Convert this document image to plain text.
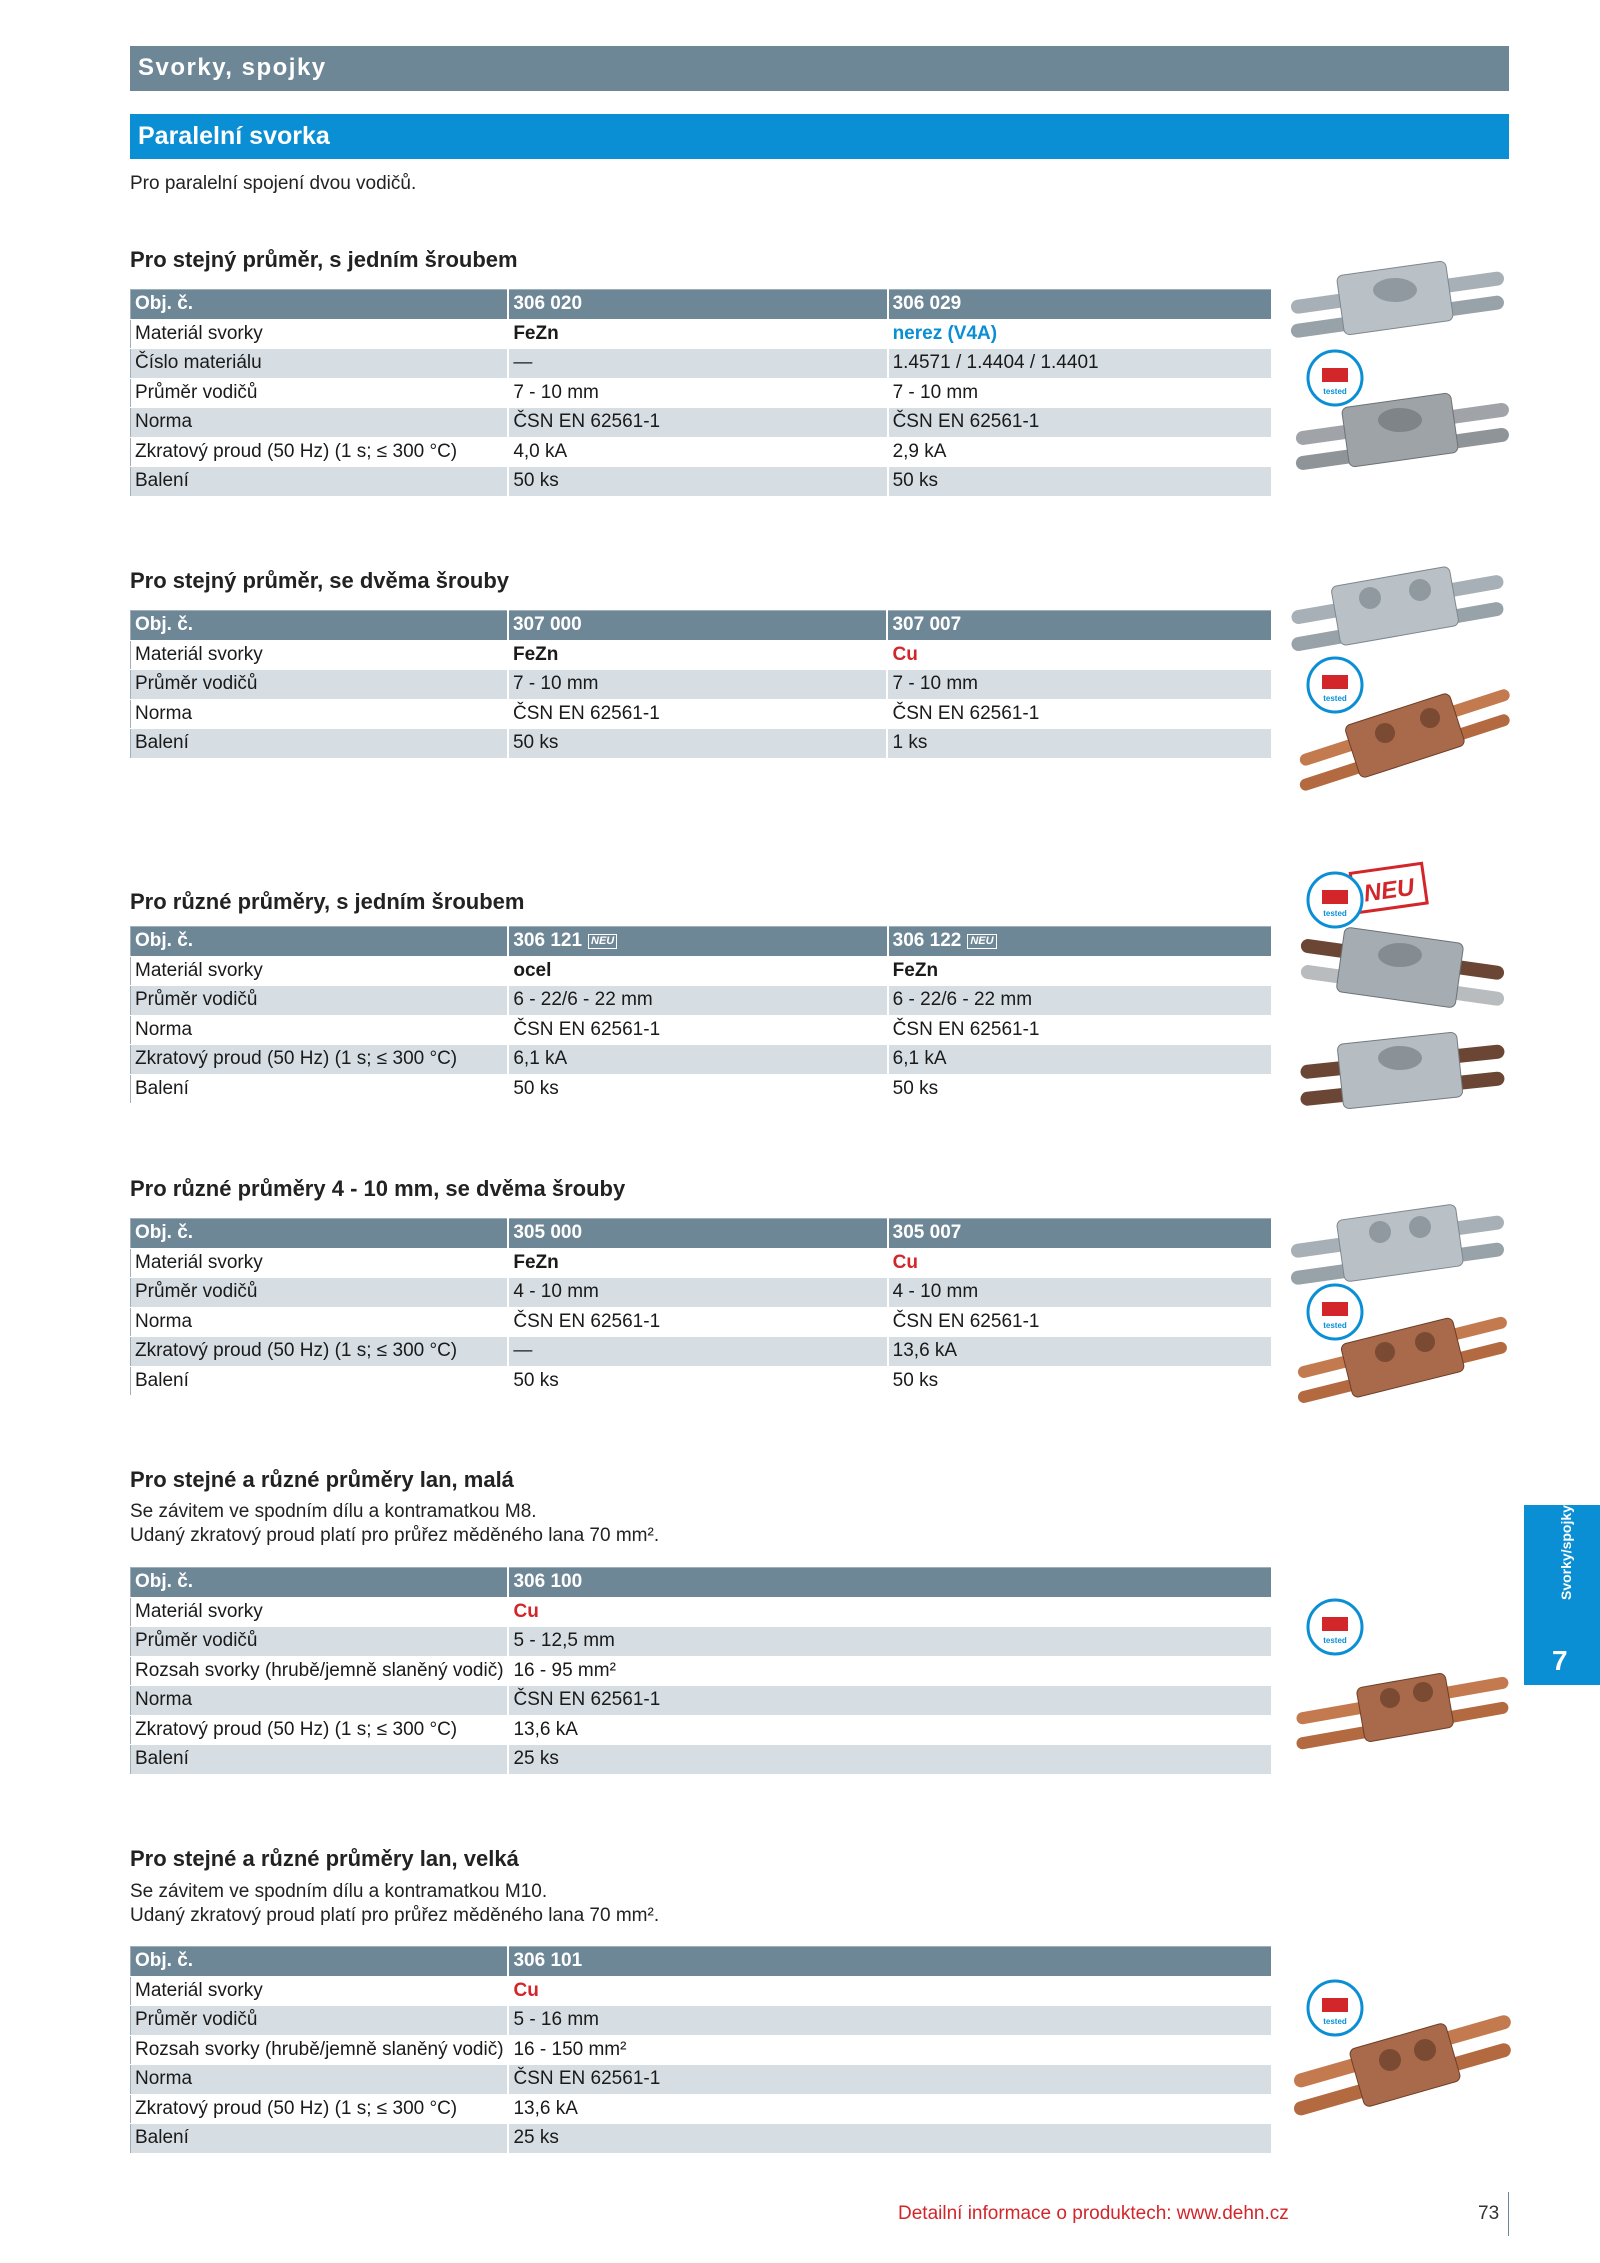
Svorky, spojky
Paralelní svorka
Pro paralelní spojení dvou vodičů.
Pro stejný průměr, s jedním šroubem
Obj. č.	306 020	306 029
Materiál svorky	FeZn	nerez (V4A)
Číslo materiálu	—	1.4571 / 1.4404 / 1.4401
Průměr vodičů	7 - 10 mm	7 - 10 mm
Norma	ČSN EN 62561-1	ČSN EN 62561-1
Zkratový proud (50 Hz) (1 s; ≤ 300 °C)	4,0 kA	2,9 kA
Balení	50 ks	50 ks
Pro stejný průměr, se dvěma šrouby
Obj. č.	307 000	307 007
Materiál svorky	FeZn	Cu
Průměr vodičů	7 - 10 mm	7 - 10 mm
Norma	ČSN EN 62561-1	ČSN EN 62561-1
Balení	50 ks	1 ks
Pro různé průměry, s jedním šroubem
Obj. č.	306 121 NEU	306 122 NEU
Materiál svorky	ocel	FeZn
Průměr vodičů	6 - 22/6 - 22 mm	6 - 22/6 - 22 mm
Norma	ČSN EN 62561-1	ČSN EN 62561-1
Zkratový proud (50 Hz) (1 s; ≤ 300 °C)	6,1 kA	6,1 kA
Balení	50 ks	50 ks
Pro různé průměry 4 - 10 mm, se dvěma šrouby
Obj. č.	305 000	305 007
Materiál svorky	FeZn	Cu
Průměr vodičů	4 - 10 mm	4 - 10 mm
Norma	ČSN EN 62561-1	ČSN EN 62561-1
Zkratový proud (50 Hz) (1 s; ≤ 300 °C)	—	13,6 kA
Balení	50 ks	50 ks
Pro stejné a různé průměry lan, malá
Se závitem ve spodním dílu a kontramatkou M8.
Udaný zkratový proud platí pro průřez měděného lana 70 mm².
Obj. č.	306 100
Materiál svorky	Cu
Průměr vodičů	5 - 12,5 mm
Rozsah svorky (hrubě/jemně slaněný vodič)	16 - 95 mm²
Norma	ČSN EN 62561-1
Zkratový proud (50 Hz) (1 s; ≤ 300 °C)	13,6 kA
Balení	25 ks
Pro stejné a různé průměry lan, velká
Se závitem ve spodním dílu a kontramatkou M10.
Udaný zkratový proud platí pro průřez měděného lana 70 mm².
Obj. č.	306 101
Materiál svorky	Cu
Průměr vodičů	5 - 16 mm
Rozsah svorky (hrubě/jemně slaněný vodič)	16 - 150 mm²
Norma	ČSN EN 62561-1
Zkratový proud (50 Hz) (1 s; ≤ 300 °C)	13,6 kA
Balení	25 ks
tested
tested
NEU
tested
tested
tested
tested
Svorky/spojky
7
Detailní informace o produktech: www.dehn.cz	73
